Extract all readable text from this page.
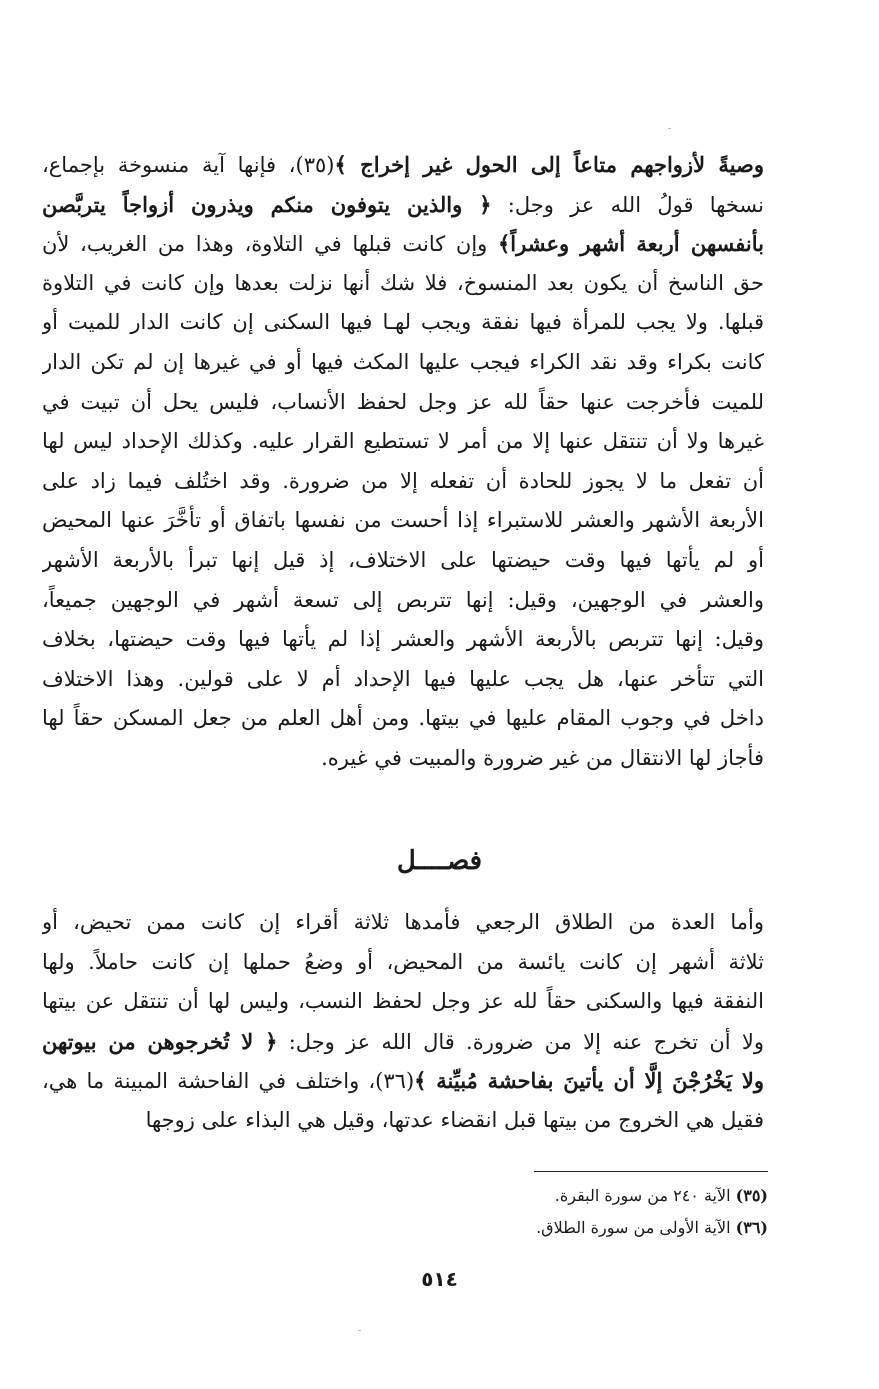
وصيةً لأزواجهم متاعاً إلى الحول غير إخراج ﴾(٣٥)، فإنها آية منسوخة بإجماع،
نسخها قولُ الله عز وجل: ﴿ والذين يتوفون منكم ويذرون أزواجاً يتربَّصن
بأنفسهن أربعة أشهر وعشراً﴾ وإن كانت قبلها في التلاوة، وهذا من الغريب، لأن
حق الناسخ أن يكون بعد المنسوخ، فلا شك أنها نزلت بعدها وإن كانت في التلاوة
قبلها. ولا يجب للمرأة فيها نفقة ويجب لهـا فيها السكنى إن كانت الدار للميت أو
كانت بكراء وقد نقد الكراء فيجب عليها المكث فيها أو في غيرها إن لم تكن الدار
للميت فأخرجت عنها حقاً لله عز وجل لحفظ الأنساب، فليس يحل أن تبيت في
غيرها ولا أن تنتقل عنها إلا من أمر لا تستطيع القرار عليه. وكذلك الإحداد ليس لها
أن تفعل ما لا يجوز للحادة أن تفعله إلا من ضرورة. وقد اختُلف فيما زاد على
الأربعة الأشهر والعشر للاستبراء إذا أحست من نفسها باتفاق أو تأخَّرَ عنها المحيض
أو لم يأتها فيها وقت حيضتها على الاختلاف، إذ قيل إنها تبرأ بالأربعة الأشهر
والعشر في الوجهين، وقيل: إنها تتربص إلى تسعة أشهر في الوجهين جميعاً،
وقيل: إنها تتربص بالأربعة الأشهر والعشر إذا لم يأتها فيها وقت حيضتها، بخلاف
التي تتأخر عنها، هل يجب عليها فيها الإحداد أم لا على قولين. وهذا الاختلاف
داخل في وجوب المقام عليها في بيتها. ومن أهل العلم من جعل المسكن حقاً لها
فأجاز لها الانتقال من غير ضرورة والمبيت في غيره.
فصــــل
وأما العدة من الطلاق الرجعي فأمدها ثلاثة أقراء إن كانت ممن تحيض، أو
ثلاثة أشهر إن كانت يائسة من المحيض، أو وضعُ حملها إن كانت حاملاً. ولها
النفقة فيها والسكنى حقاً لله عز وجل لحفظ النسب، وليس لها أن تنتقل عن بيتها
ولا أن تخرج عنه إلا من ضرورة. قال الله عز وجل: ﴿ لا تُخرجوهن من بيوتهن
ولا يَخْرُجْنَ إلَّا أن يأتينَ بفاحشة مُبيِّنة ﴾(٣٦)، واختلف في الفاحشة المبينة ما هي،
فقيل هي الخروج من بيتها قبل انقضاء عدتها، وقيل هي البذاء على زوجها
(٣٥) الآية ٢٤٠ من سورة البقرة.
(٣٦) الآية الأولى من سورة الطلاق.
٥١٤
